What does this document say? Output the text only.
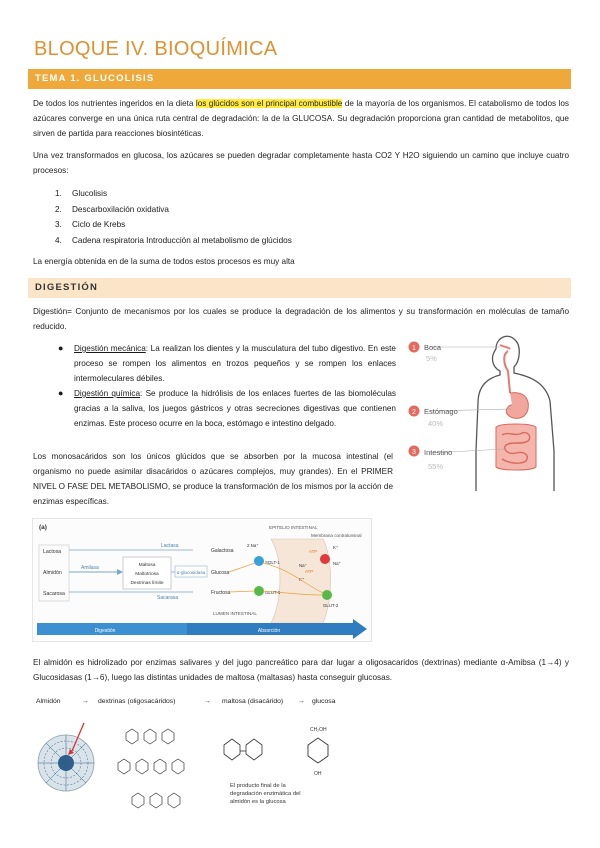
BLOQUE IV. BIOQUÍMICA
TEMA 1. GLUCOLISIS

De todos los nutrientes ingeridos en la dieta los glúcidos son el principal combustible de la mayoría de los organismos. El catabolismo de todos los azúcares converge en una única ruta central de degradación: la de la GLUCOSA. Su degradación proporciona gran cantidad de metabolitos, que sirven de partida para reacciones biosintéticas.

Una vez transformados en glucosa, los azúcares se pueden degradar completamente hasta CO2 Y H2O siguiendo un camino que incluye cuatro procesos:

1. Glucolisis
2. Descarboxilación oxidativa
3. Ciclo de Krebs
4. Cadena respiratoria Introducción al metabolismo de glúcidos

La energía obtenida en de la suma de todos estos procesos es muy alta

DIGESTIÓN

Digestión= Conjunto de mecanismos por los cuales se produce la degradación de los alimentos y su transformación en moléculas de tamaño reducido.

● Digestión mecánica: La realizan los dientes y la musculatura del tubo digestivo. En este proceso se rompen los alimentos en trozos pequeños y se rompen los enlaces intermoleculares débiles.
● Digestión química: Se produce la hidrólisis de los enlaces fuertes de las biomoléculas gracias a la saliva, los juegos gástricos y otras secreciones digestivas que contienen enzimas. Este proceso ocurre en la boca, estómago e intestino delgado.
1 Boca
5%
2 Estómago
40%
3 Intestino
55%

Los monosacáridos son los únicos glúcidos que se absorben por la mucosa intestinal (el organismo no puede asimilar disacáridos o azúcares complejos, muy grandes). En el PRIMER NIVEL O FASE DEL METABOLISMO, se produce la transformación de los mismos por la acción de enzimas específicas.

(a)	EPITELIO INTESTINAL
Membrana contraluminal
LUMEN INTESTINAL
Lactosa
Almidón
Sacarosa
Amilasa	Maltosa
Maltotriosa
Dextrinas límite
Lactasa
α-glucosidasa
Sacarasa
Galactosa
Glucosa
Fructosa
SGLT-1
GLUT-5
GLUT-2
2 Na⁺
Na⁺
K⁺
Na⁺
K⁺
ATP
ATP
Digestión	Absorción

El almidón es hidrolizado por enzimas salivares y del jugo pancreático para dar lugar a oligosacaridos (dextrinas) mediante α-Amibsa (1→4) y Glucosidasas (1→6), luego las distintas unidades de maltosa (maltasas) hasta conseguir glucosas.

Almidón	→ dextrinas (oligosacáridos)	→ maltosa (disacárido) → glucosa
CH₂OH
OH
El producto final de la degradación enzimática del almidón es la glucosa
